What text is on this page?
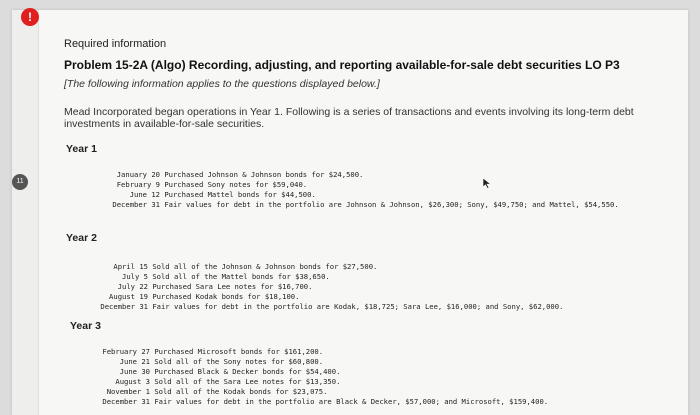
11
Required information
Problem 15-2A (Algo) Recording, adjusting, and reporting available-for-sale debt securities LO P3
[The following information applies to the questions displayed below.]
Mead Incorporated began operations in Year 1. Following is a series of transactions and events involving its long-term debt investments in available-for-sale securities.
Year 1
January 20 Purchased Johnson & Johnson bonds for $24,500.
February 9 Purchased Sony notes for $59,040.
June 12 Purchased Mattel bonds for $44,500.
December 31 Fair values for debt in the portfolio are Johnson & Johnson, $26,300; Sony, $49,750; and Mattel, $54,550.
Year 2
April 15 Sold all of the Johnson & Johnson bonds for $27,500.
July 5 Sold all of the Mattel bonds for $38,650.
July 22 Purchased Sara Lee notes for $16,700.
August 19 Purchased Kodak bonds for $18,100.
December 31 Fair values for debt in the portfolio are Kodak, $18,725; Sara Lee, $16,000; and Sony, $62,000.
Year 3
February 27 Purchased Microsoft bonds for $161,200.
June 21 Sold all of the Sony notes for $60,800.
June 30 Purchased Black & Decker bonds for $54,400.
August 3 Sold all of the Sara Lee notes for $13,350.
November 1 Sold all of the Kodak bonds for $23,075.
December 31 Fair values for debt in the portfolio are Black & Decker, $57,000; and Microsoft, $159,400.
!
